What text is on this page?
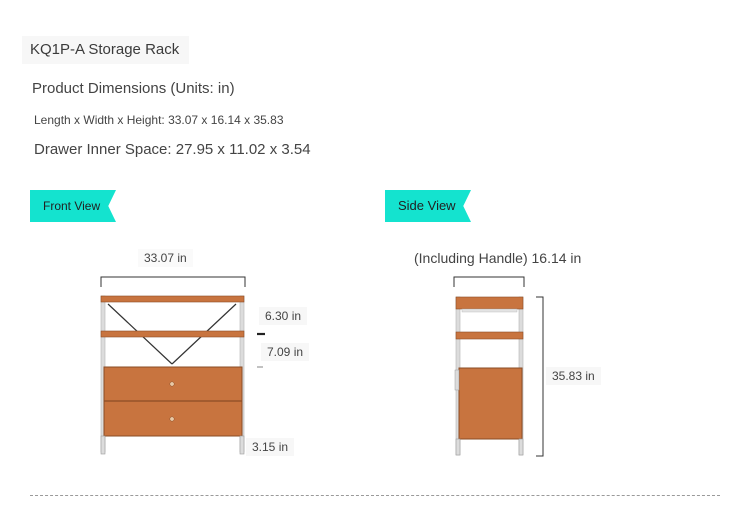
KQ1P-A Storage Rack
Product Dimensions (Units: in)
Length x Width x Height: 33.07 x 16.14 x 35.83
Drawer Inner Space: 27.95 x 11.02 x 3.54
Front View	Side View
33.07 in
6.30 in
7.09 in
3.15 in
(Including Handle) 16.14 in
35.83 in
